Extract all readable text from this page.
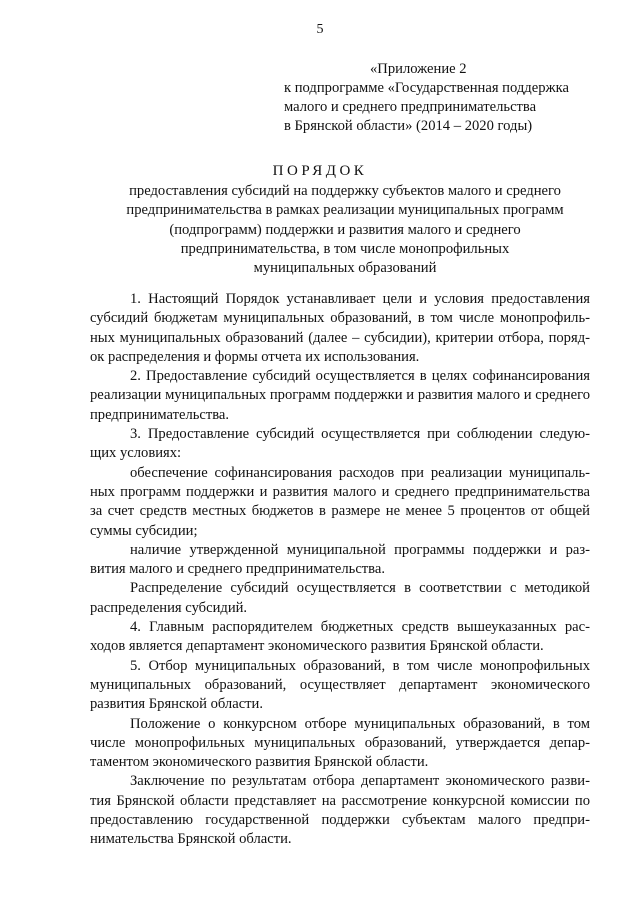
5
«Приложение 2
к подпрограмме «Государственная поддержка
малого и среднего предпринимательства
в Брянской области» (2014 – 2020 годы)
ПОРЯДОК
предоставления субсидий на поддержку субъектов малого и среднего
предпринимательства в рамках реализации муниципальных программ
(подпрограмм) поддержки и развития малого и среднего
предпринимательства, в том числе монопрофильных
муниципальных образований

1. Настоящий Порядок устанавливает цели и условия предоставления субсидий бюджетам муниципальных образований, в том числе монопрофильных муниципальных образований (далее – субсидии), критерии отбора, порядок распределения и формы отчета их использования.

2. Предоставление субсидий осуществляется в целях софинансирования реализации муниципальных программ поддержки и развития малого и среднего предпринимательства.

3. Предоставление субсидий осуществляется при соблюдении следующих условиях:

обеспечение софинансирования расходов при реализации муниципальных программ поддержки и развития малого и среднего предпринимательства за счет средств местных бюджетов в размере не менее 5 процентов от общей суммы субсидии;

наличие утвержденной муниципальной программы поддержки и развития малого и среднего предпринимательства.

Распределение субсидий осуществляется в соответствии с методикой распределения субсидий.

4. Главным распорядителем бюджетных средств вышеуказанных расходов является департамент экономического развития Брянской области.

5. Отбор муниципальных образований, в том числе монопрофильных муниципальных образований, осуществляет департамент экономического развития Брянской области.

Положение о конкурсном отборе муниципальных образований, в том числе монопрофильных муниципальных образований, утверждается департаментом экономического развития Брянской области.

Заключение по результатам отбора департамент экономического развития Брянской области представляет на рассмотрение конкурсной комиссии по предоставлению государственной поддержки субъектам малого предпринимательства Брянской области.
